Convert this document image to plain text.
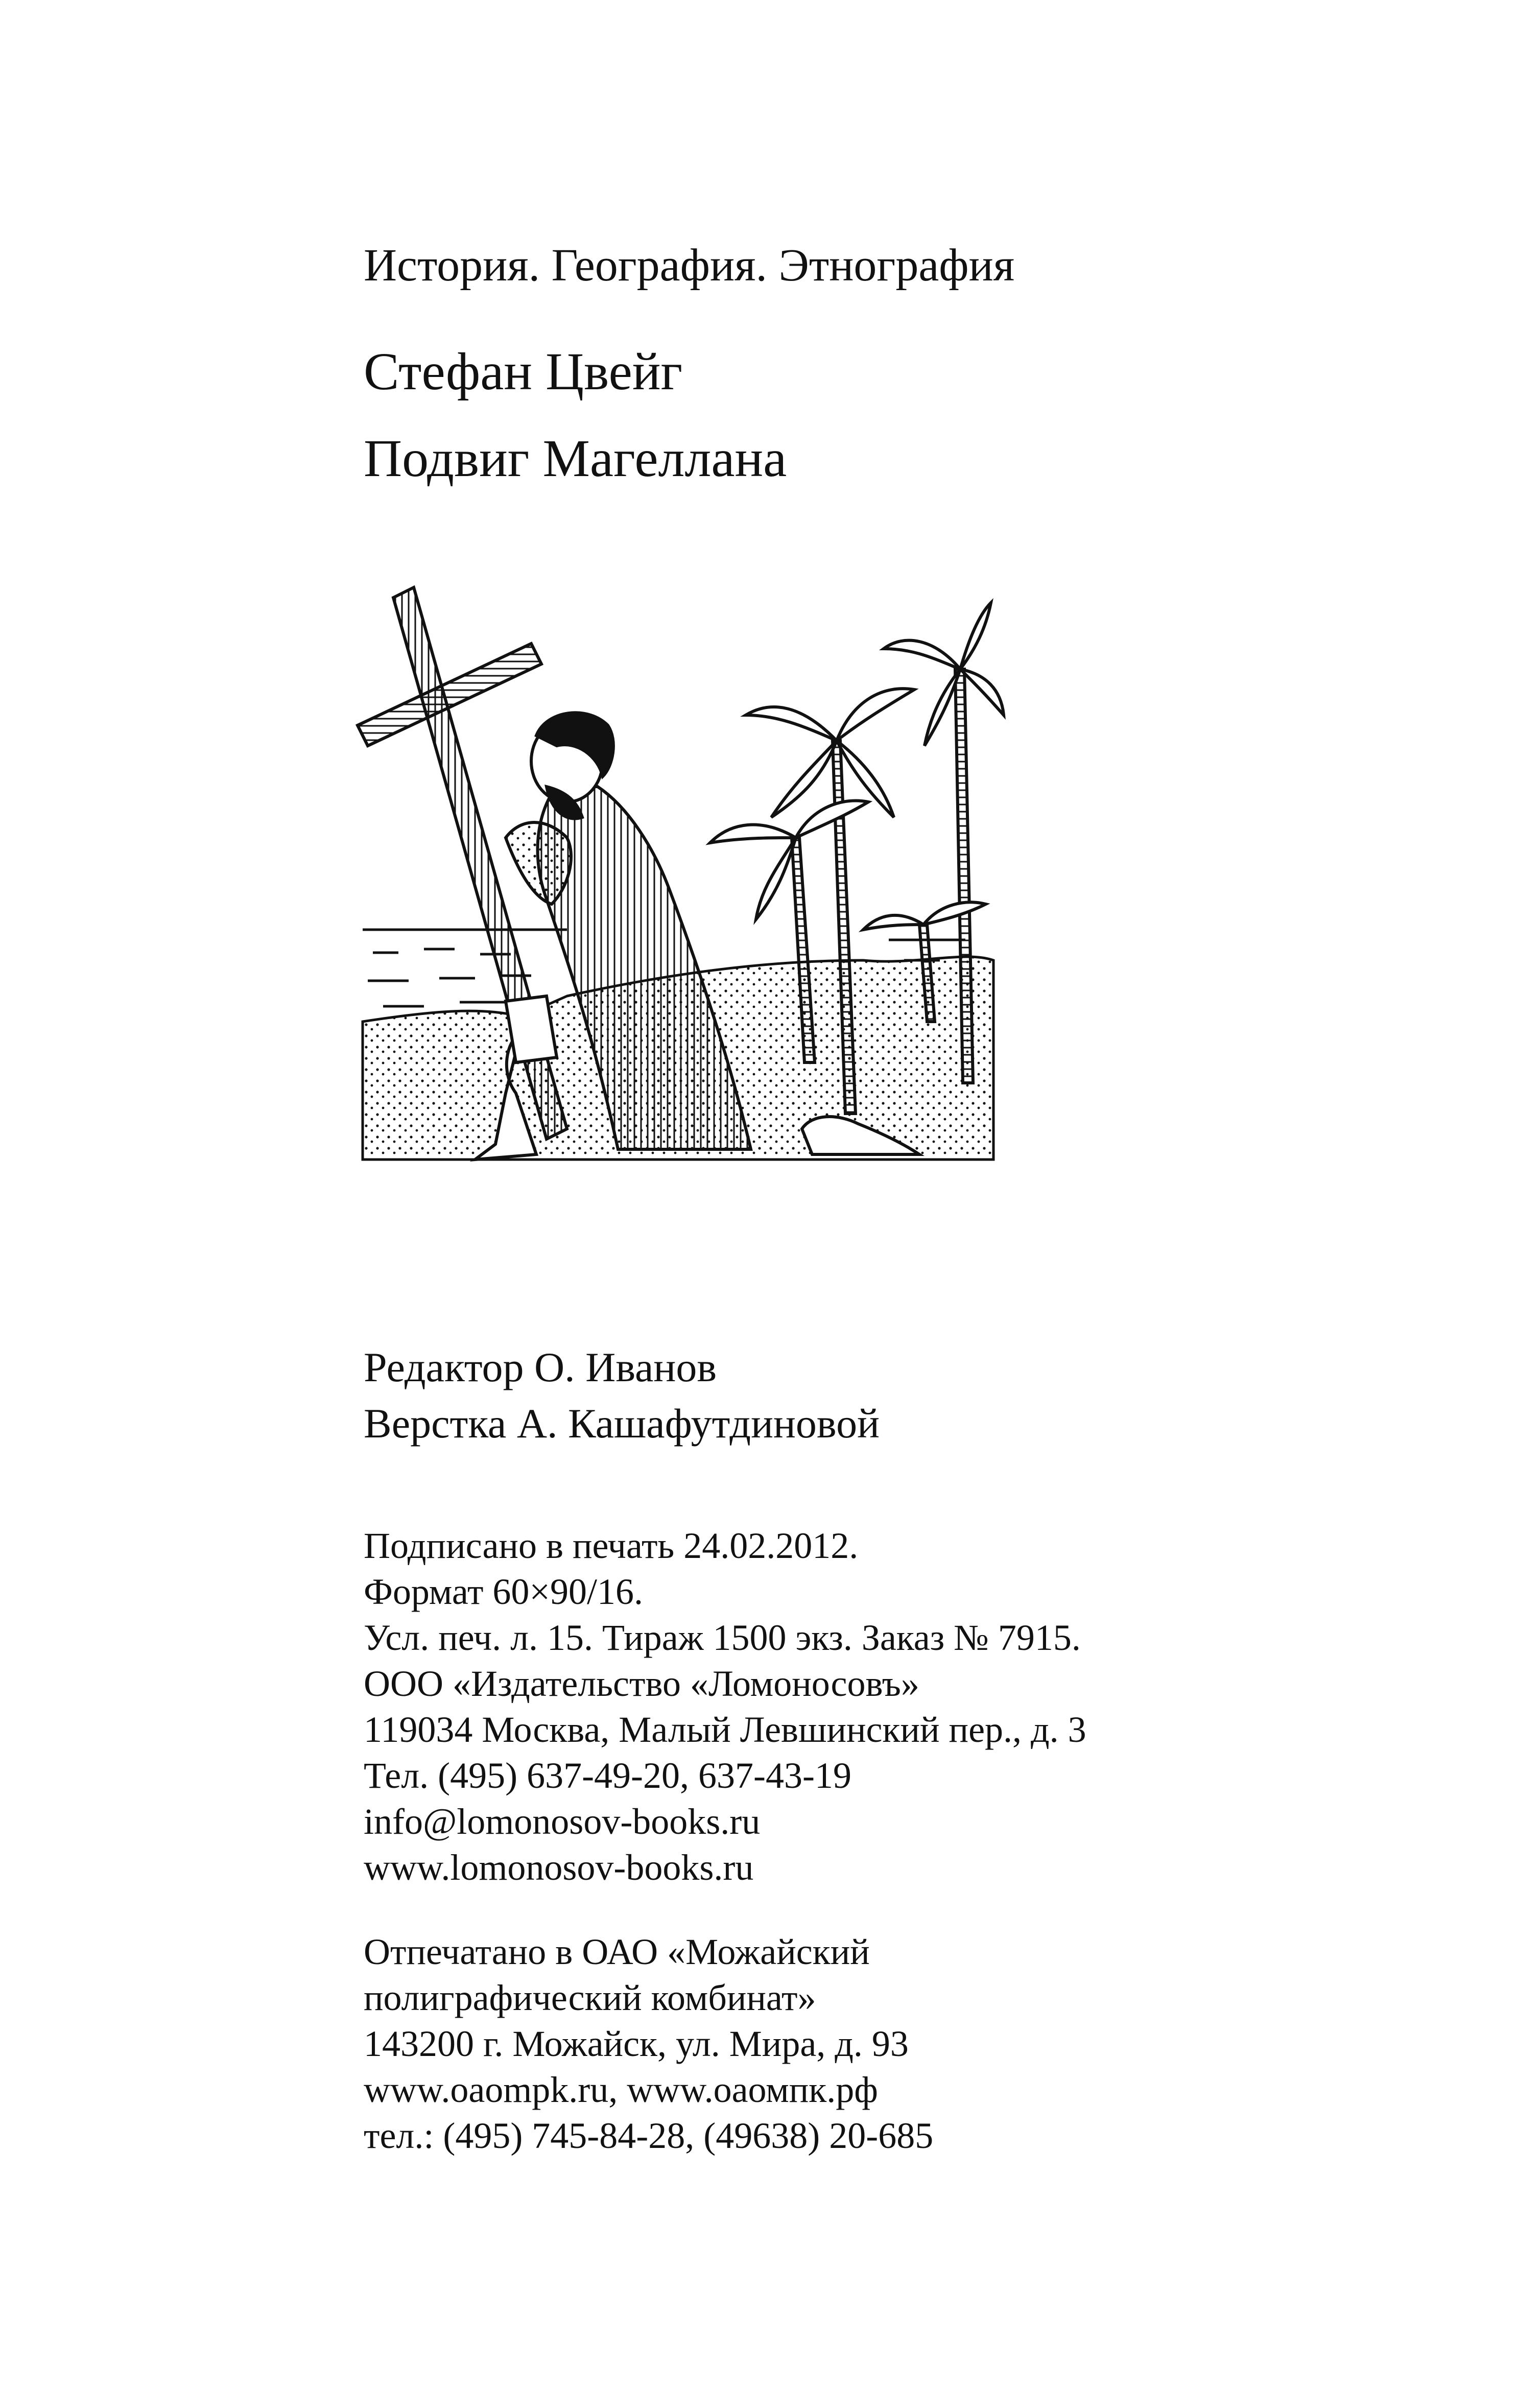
История. География. Этнография

Стефан Цвейг

Подвиг Магеллана

Редактор О. Иванов

Верстка А. Кашафутдиновой

Подписано в печать 24.02.2012.

Формат 60×90/16.

Усл. печ. л. 15. Тираж 1500 экз. Заказ № 7915.

ООО «Издательство «Ломоносовъ»

119034 Москва, Малый Левшинский пер., д. 3

Тел. (495) 637-49-20, 637-43-19

info@lomonosov-books.ru

www.lomonosov-books.ru

Отпечатано в ОАО «Можайский

полиграфический комбинат»

143200 г. Можайск, ул. Мира, д. 93

www.oaompk.ru, www.оаомпк.рф

тел.: (495) 745-84-28, (49638) 20-685
